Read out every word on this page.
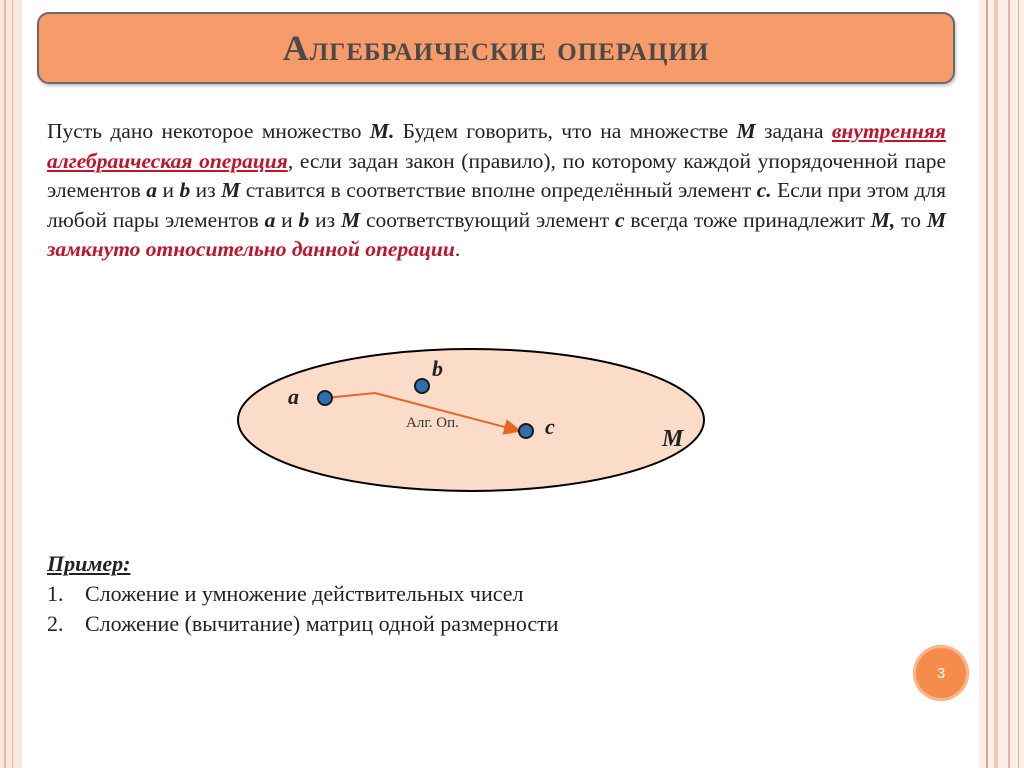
Алгебраические операции
Пусть дано некоторое множество M. Будем говорить, что на множестве M задана внутренняя алгебраическая операция, если задан закон (правило), по которому каждой упорядоченной паре элементов a и b из M ставится в соответствие вполне определённый элемент c. Если при этом для любой пары элементов a и b из M соответствующий элемент c всегда тоже принадлежит M, то M замкнуто относительно данной операции.
a
b
c	M
Алг. Оп.
Пример:
1. Сложение и умножение действительных чисел
2. Сложение (вычитание) матриц одной размерности
3
